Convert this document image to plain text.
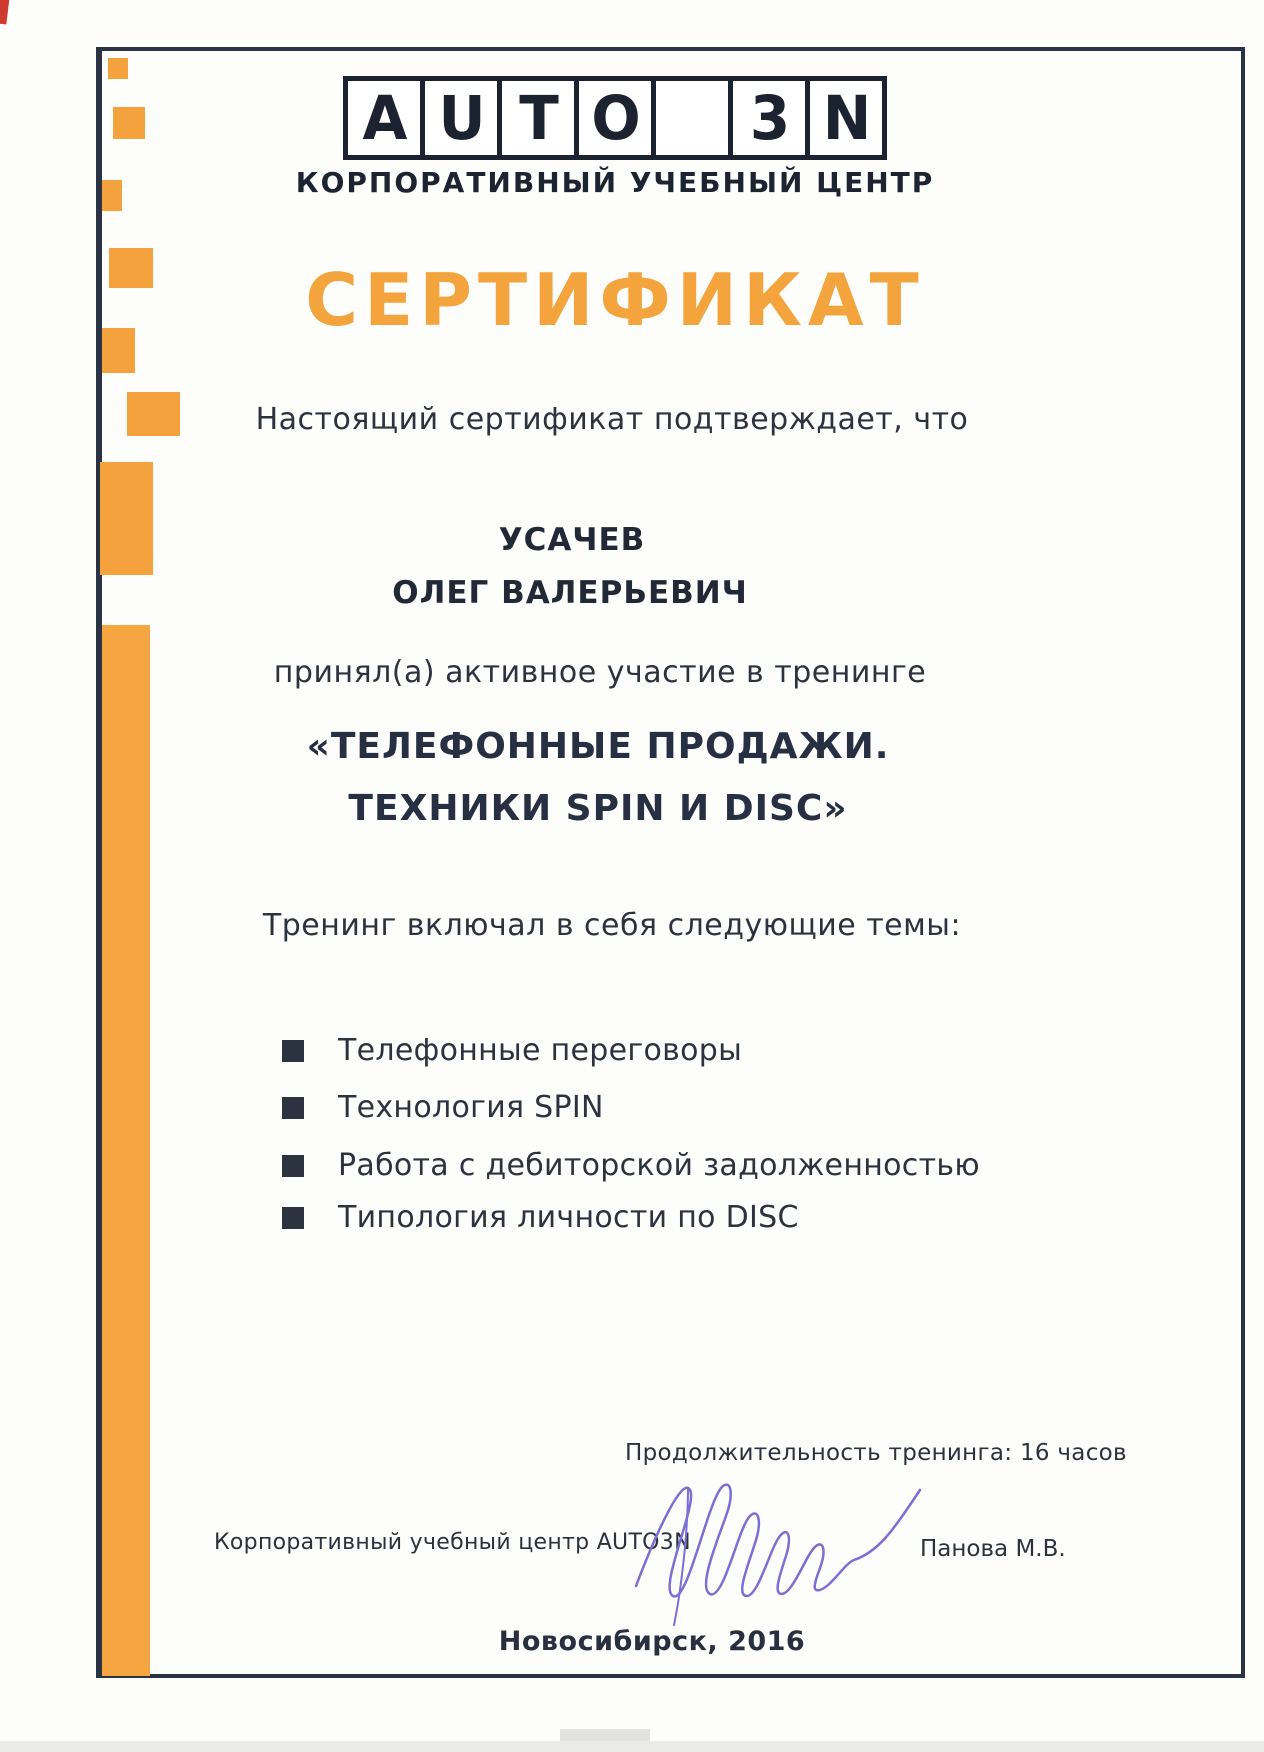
A U T O 3 N
КОРПОРАТИВНЫЙ УЧЕБНЫЙ ЦЕНТР
СЕРТИФИКАТ
Настоящий сертификат подтверждает, что
УСАЧЕВ
ОЛЕГ ВАЛЕРЬЕВИЧ
принял(а) активное участие в тренинге
«ТЕЛЕФОННЫЕ ПРОДАЖИ.
ТЕХНИКИ SPIN И DISC»
Тренинг включал в себя следующие темы:
Телефонные переговоры
Технология SPIN
Работа с дебиторской задолженностью
Типология личности по DISC
Продолжительность тренинга: 16 часов
Корпоративный учебный центр AUTO3N	Панова М.В.
Новосибирск, 2016
